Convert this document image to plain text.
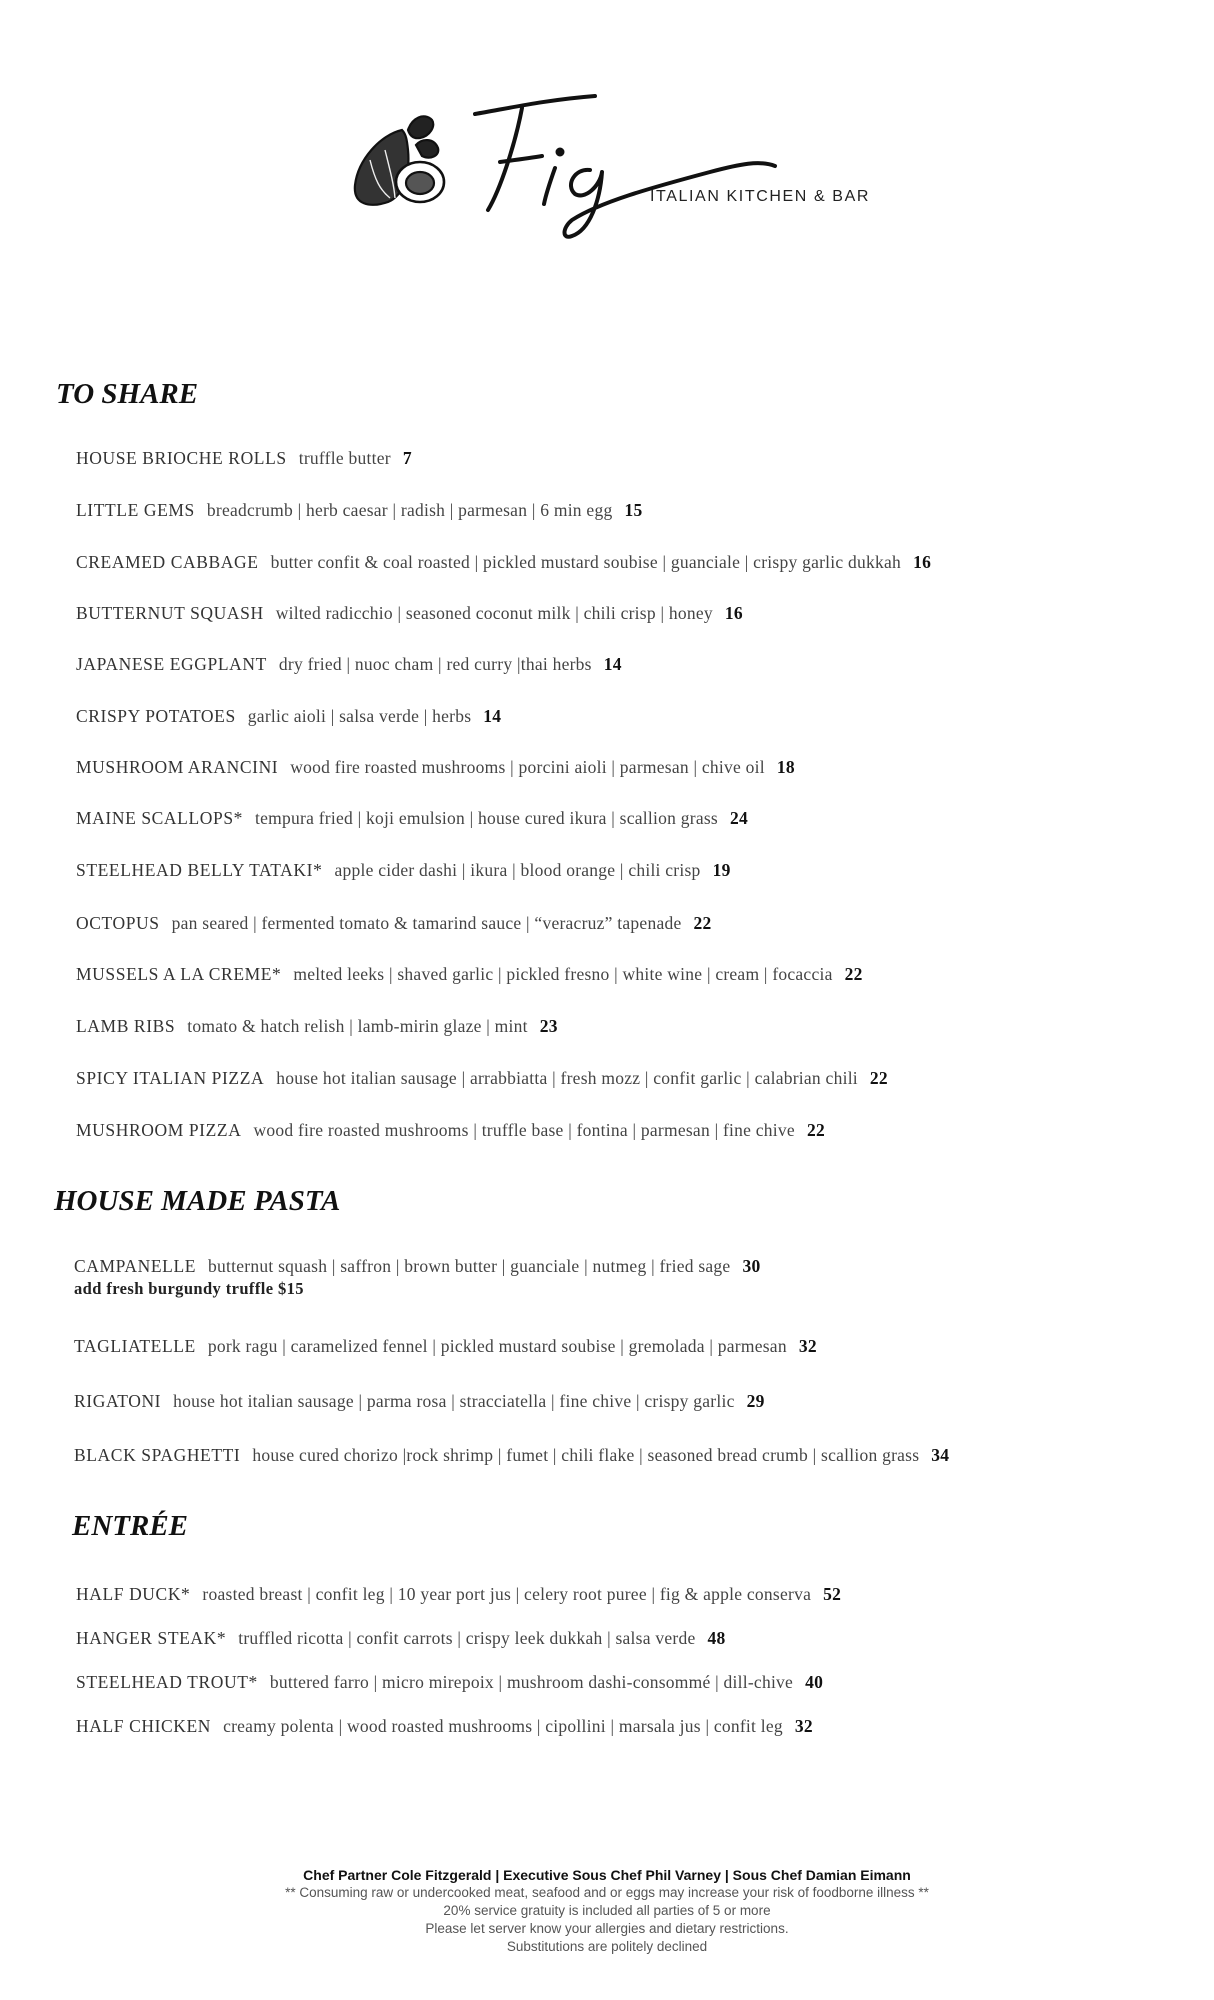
ITALIAN KITCHEN & BAR
TO SHARE
HOUSE BRIOCHE ROLLS truffle butter 7
LITTLE GEMS breadcrumb | herb caesar | radish | parmesan | 6 min egg 15
CREAMED CABBAGE butter confit & coal roasted | pickled mustard soubise | guanciale | crispy garlic dukkah 16
BUTTERNUT SQUASH wilted radicchio | seasoned coconut milk | chili crisp | honey 16
JAPANESE EGGPLANT dry fried | nuoc cham | red curry |thai herbs 14
CRISPY POTATOES garlic aioli | salsa verde | herbs 14
MUSHROOM ARANCINI wood fire roasted mushrooms | porcini aioli | parmesan | chive oil 18
MAINE SCALLOPS* tempura fried | koji emulsion | house cured ikura | scallion grass 24
STEELHEAD BELLY TATAKI* apple cider dashi | ikura | blood orange | chili crisp 19
OCTOPUS pan seared | fermented tomato & tamarind sauce | “veracruz” tapenade 22
MUSSELS A LA CREME* melted leeks | shaved garlic | pickled fresno | white wine | cream | focaccia 22
LAMB RIBS tomato & hatch relish | lamb-mirin glaze | mint 23
SPICY ITALIAN PIZZA house hot italian sausage | arrabbiatta | fresh mozz | confit garlic | calabrian chili 22
MUSHROOM PIZZA wood fire roasted mushrooms | truffle base | fontina | parmesan | fine chive 22
HOUSE MADE PASTA
CAMPANELLE butternut squash | saffron | brown butter | guanciale | nutmeg | fried sage 30
add fresh burgundy truffle $15
TAGLIATELLE pork ragu | caramelized fennel | pickled mustard soubise | gremolada | parmesan 32
RIGATONI house hot italian sausage | parma rosa | stracciatella | fine chive | crispy garlic 29
BLACK SPAGHETTI house cured chorizo |rock shrimp | fumet | chili flake | seasoned bread crumb | scallion grass 34
ENTRÉE
HALF DUCK* roasted breast | confit leg | 10 year port jus | celery root puree | fig & apple conserva 52
HANGER STEAK* truffled ricotta | confit carrots | crispy leek dukkah | salsa verde 48
STEELHEAD TROUT* buttered farro | micro mirepoix | mushroom dashi-consommé | dill-chive 40
HALF CHICKEN creamy polenta | wood roasted mushrooms | cipollini | marsala jus | confit leg 32
Chef Partner Cole Fitzgerald | Executive Sous Chef Phil Varney | Sous Chef Damian Eimann
** Consuming raw or undercooked meat, seafood and or eggs may increase your risk of foodborne illness **
20% service gratuity is included all parties of 5 or more
Please let server know your allergies and dietary restrictions.
Substitutions are politely declined
